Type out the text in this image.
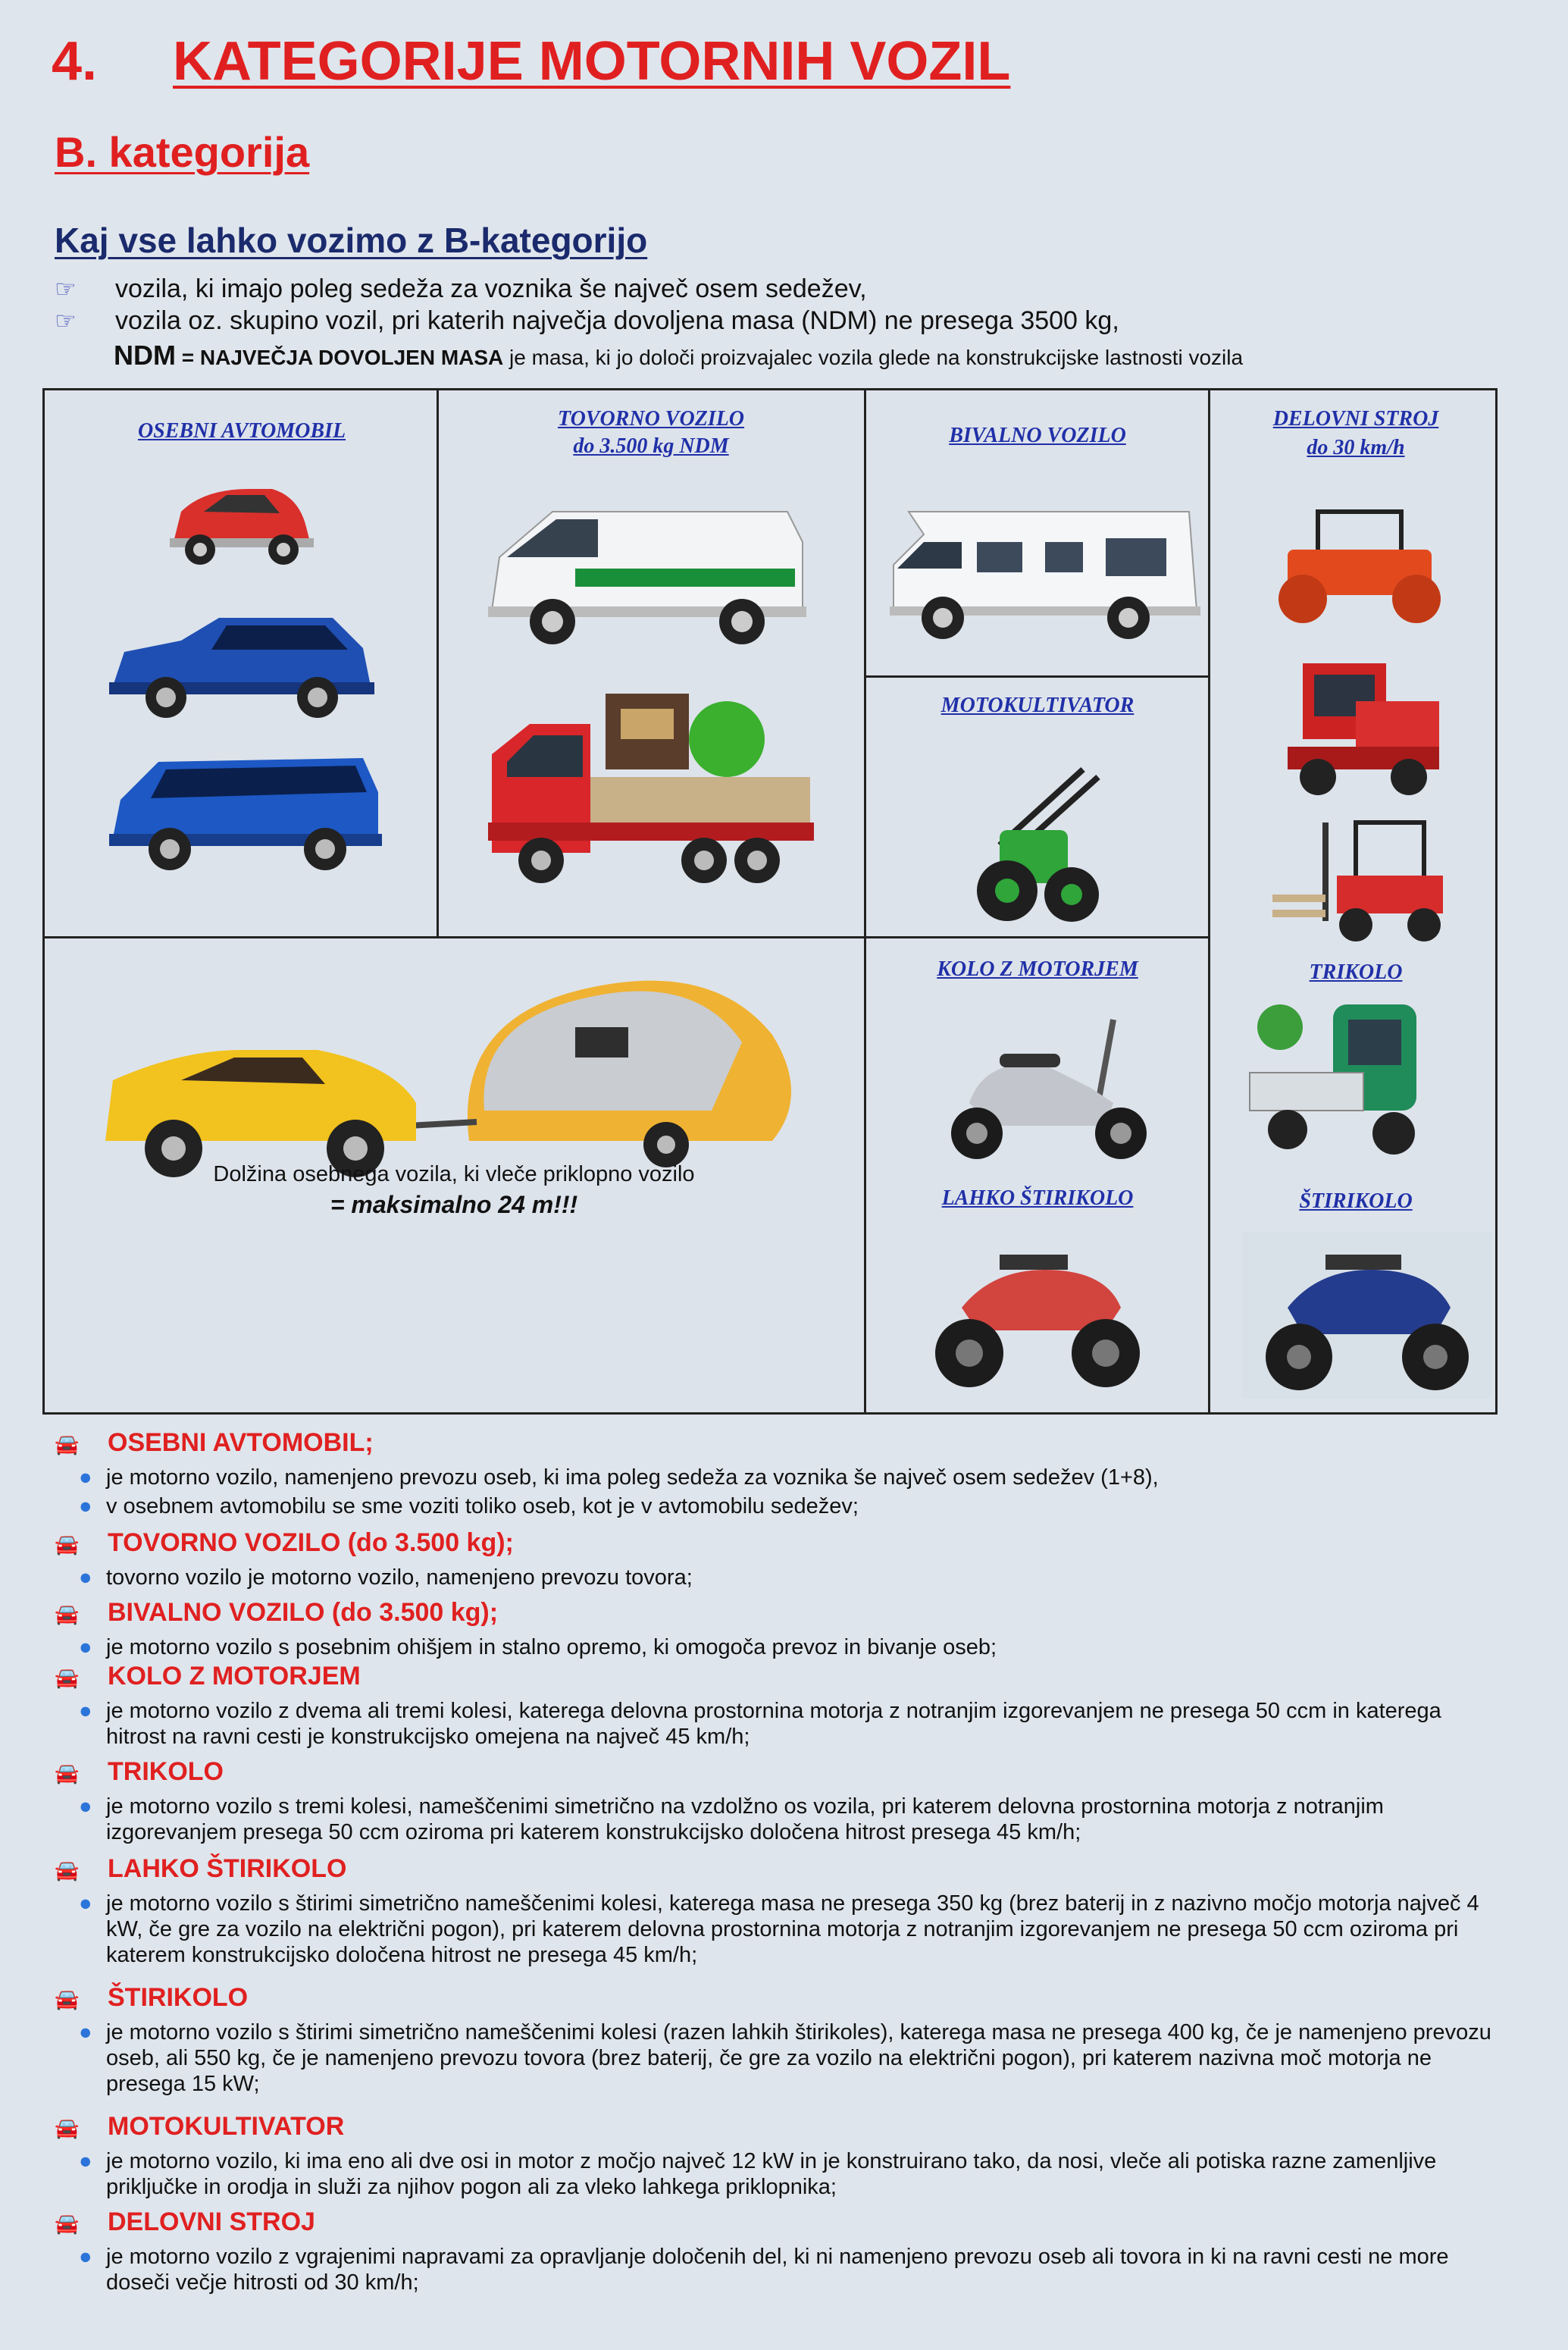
4. KATEGORIJE MOTORNIH VOZIL
B. kategorija
Kaj vse lahko vozimo z B-kategorijo
☞ vozila, ki imajo poleg sedeža za voznika še največ osem sedežev,
☞ vozila oz. skupino vozil, pri katerih največja dovoljena masa (NDM) ne presega 3500 kg,
NDM = NAJVEČJA DOVOLJEN MASA je masa, ki jo določi proizvajalec vozila glede na konstrukcijske lastnosti vozila
OSEBNI AVTOMOBIL
TOVORNO VOZILO
do 3.500 kg NDM	BIVALNO VOZILO
DELOVNI STROJ
do 30 km/h
MOTOKULTIVATOR
KOLO Z MOTORJEM	TRIKOLO
LAHKO ŠTIRIKOLO	ŠTIRIKOLO
Dolžina osebnega vozila, ki vleče priklopno vozilo
= maksimalno 24 m!!!
🚘 OSEBNI AVTOMOBIL;
● je motorno vozilo, namenjeno prevozu oseb, ki ima poleg sedeža za voznika še največ osem sedežev (1+8),
● v osebnem avtomobilu se sme voziti toliko oseb, kot je v avtomobilu sedežev;
🚘 TOVORNO VOZILO (do 3.500 kg);
● tovorno vozilo je motorno vozilo, namenjeno prevozu tovora;
🚘 BIVALNO VOZILO (do 3.500 kg);
● je motorno vozilo s posebnim ohišjem in stalno opremo, ki omogoča prevoz in bivanje oseb;
🚘 KOLO Z MOTORJEM
● je motorno vozilo z dvema ali tremi kolesi, katerega delovna prostornina motorja z notranjim izgorevanjem ne presega 50 ccm in katerega hitrost na ravni cesti je konstrukcijsko omejena na največ 45 km/h;
🚘 TRIKOLO
● je motorno vozilo s tremi kolesi, nameščenimi simetrično na vzdolžno os vozila, pri katerem delovna prostornina motorja z notranjim izgorevanjem presega 50 ccm oziroma pri katerem konstrukcijsko določena hitrost presega 45 km/h;
🚘 LAHKO ŠTIRIKOLO
● je motorno vozilo s štirimi simetrično nameščenimi kolesi, katerega masa ne presega 350 kg (brez baterij in z nazivno močjo motorja največ 4 kW, če gre za vozilo na električni pogon), pri katerem delovna prostornina motorja z notranjim izgorevanjem ne presega 50 ccm oziroma pri katerem konstrukcijsko določena hitrost ne presega 45 km/h;
🚘 ŠTIRIKOLO
● je motorno vozilo s štirimi simetrično nameščenimi kolesi (razen lahkih štirikoles), katerega masa ne presega 400 kg, če je namenjeno prevozu oseb, ali 550 kg, če je namenjeno prevozu tovora (brez baterij, če gre za vozilo na električni pogon), pri katerem nazivna moč motorja ne presega 15 kW;
🚘 MOTOKULTIVATOR
● je motorno vozilo, ki ima eno ali dve osi in motor z močjo največ 12 kW in je konstruirano tako, da nosi, vleče ali potiska razne zamenljive priključke in orodja in služi za njihov pogon ali za vleko lahkega priklopnika;
🚘 DELOVNI STROJ
● je motorno vozilo z vgrajenimi napravami za opravljanje določenih del, ki ni namenjeno prevozu oseb ali tovora in ki na ravni cesti ne more doseči večje hitrosti od 30 km/h;
